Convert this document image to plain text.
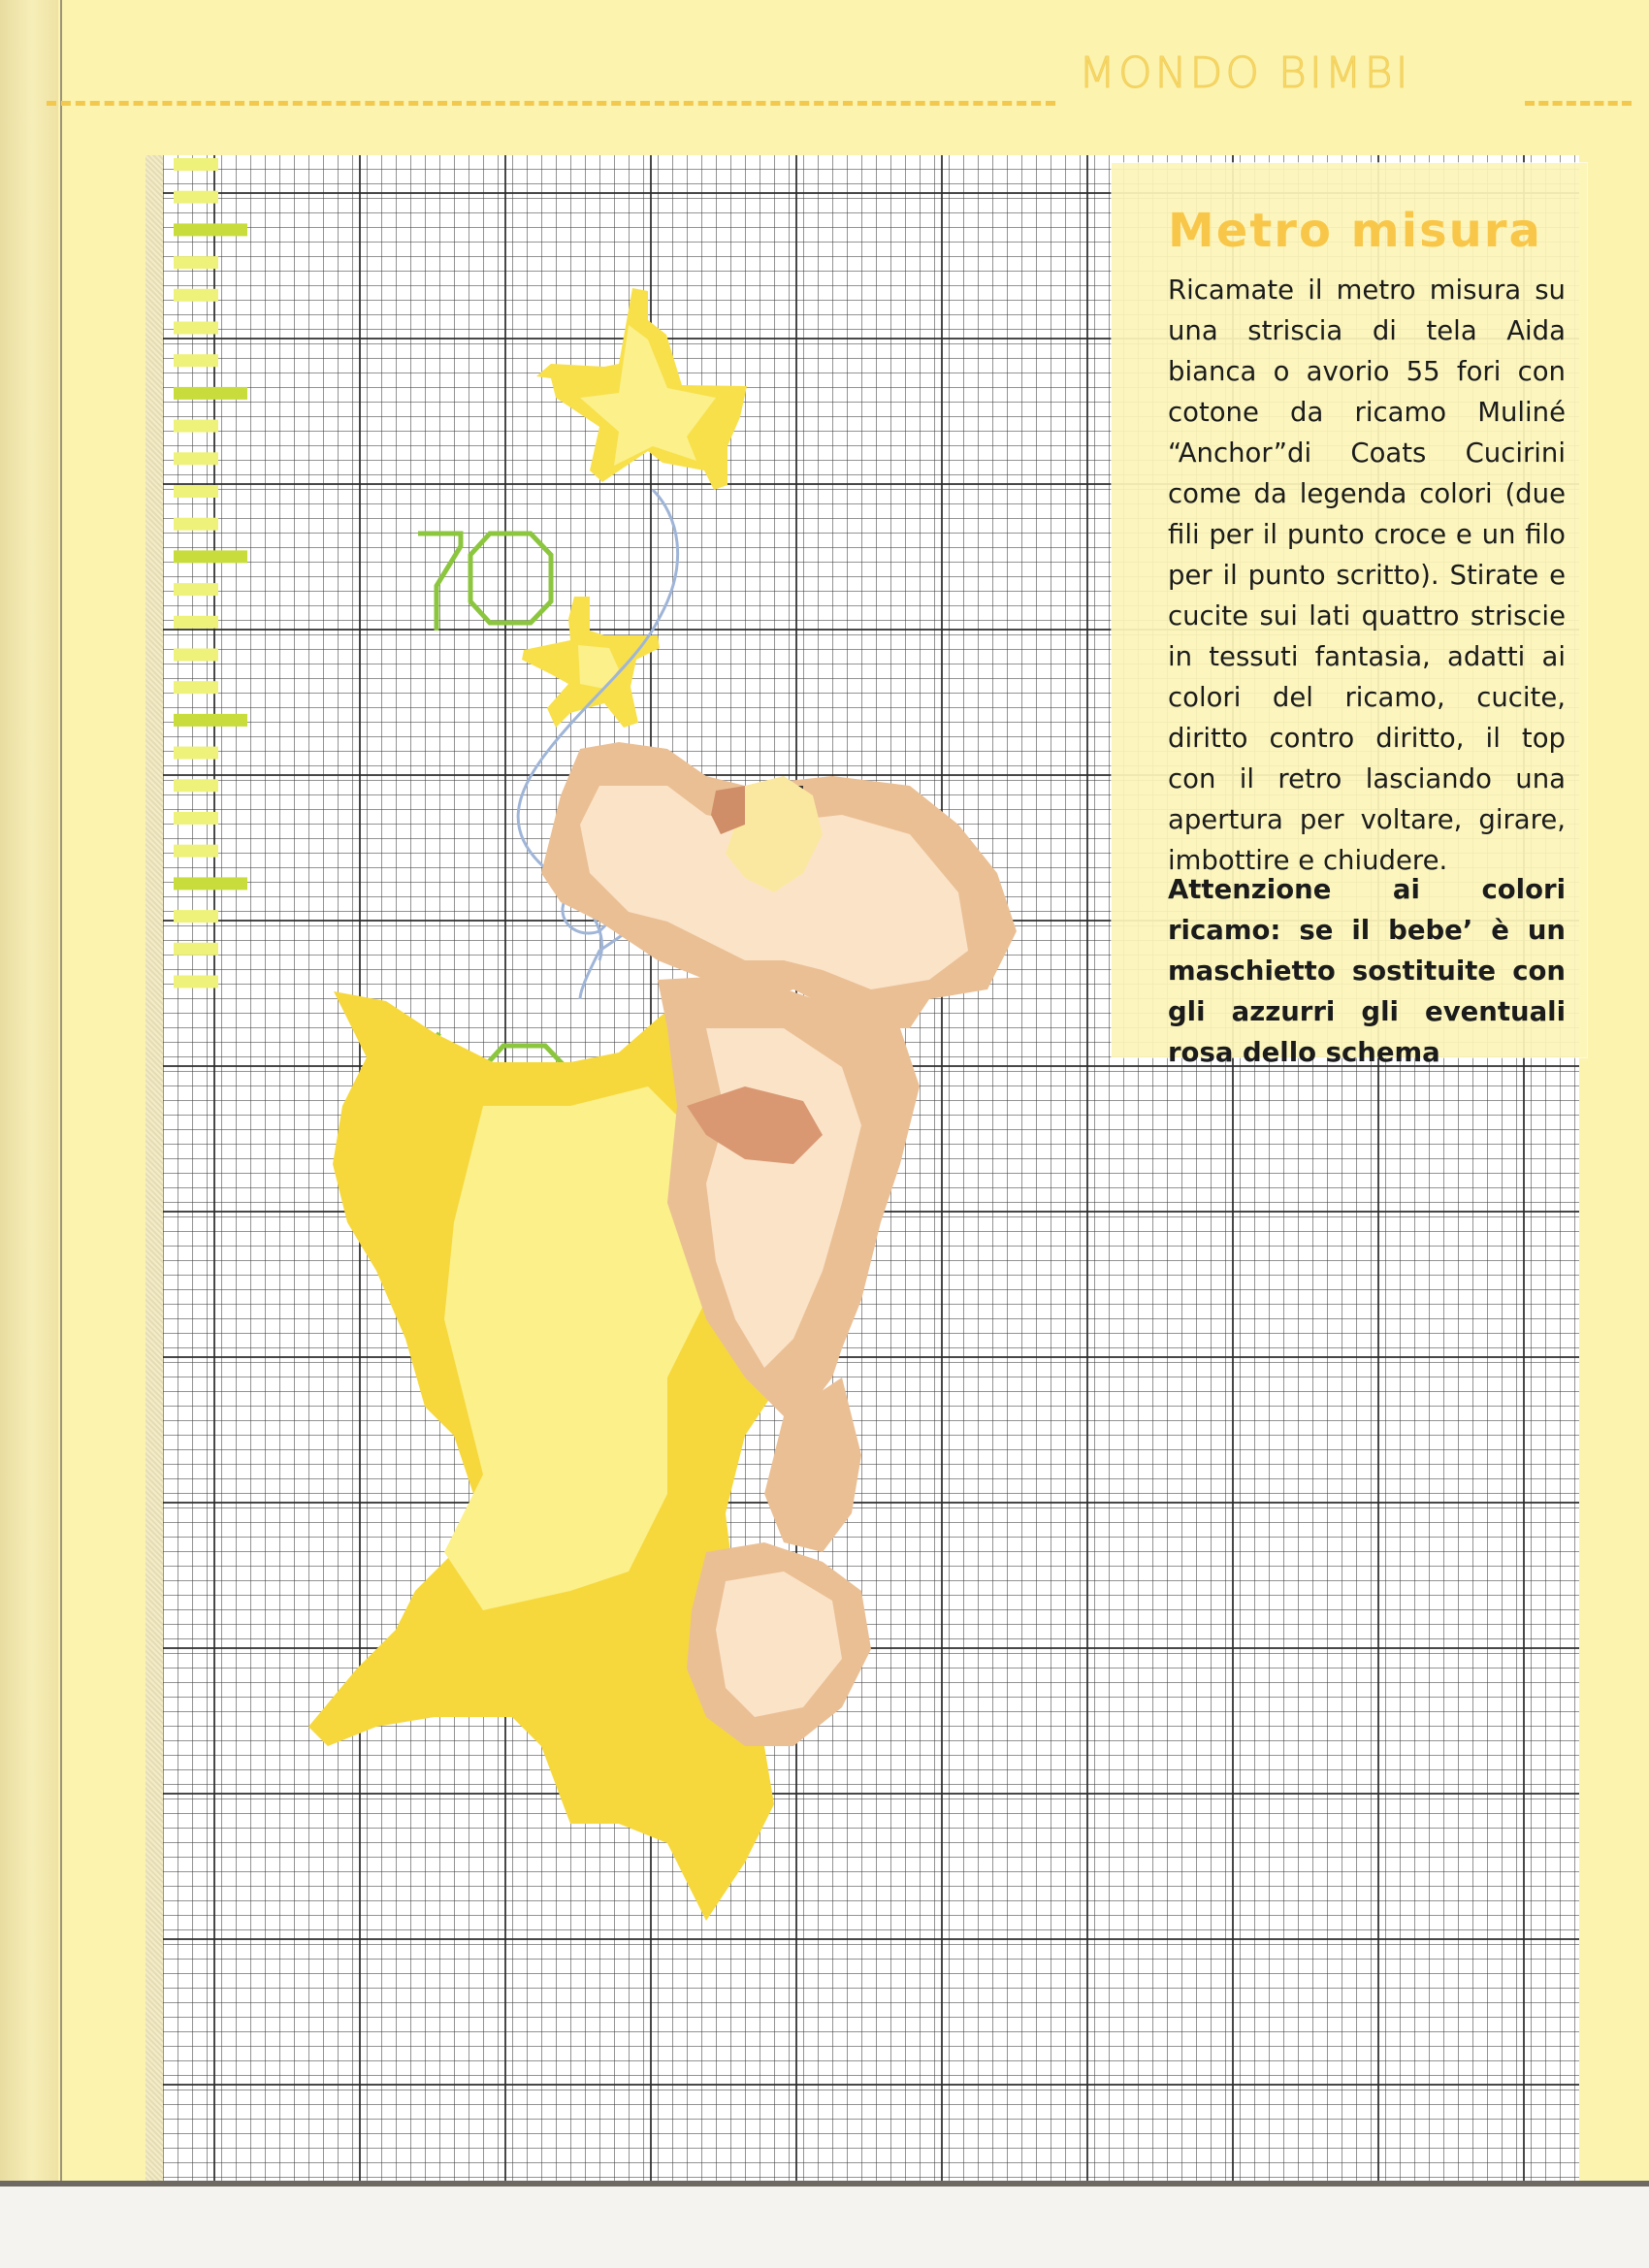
MONDO BIMBI
Metro misura

Ricamate il metro misura su una striscia di tela Aida bianca o avorio 55 fori con cotone da ricamo Muliné “Anchor”di Coats Cucirini come da legenda colori (due fili per il punto croce e un filo per il punto scritto). Stirate e cucite sui lati quattro striscie in tessuti fantasia, adatti ai colori del ricamo, cucite, diritto contro diritto, il top con il retro lasciando una apertura per voltare, girare, imbottire e chiudere.

Attenzione ai colori ricamo: se il bebe’ è un maschietto sostituite con gli azzurri gli eventuali rosa dello schema
